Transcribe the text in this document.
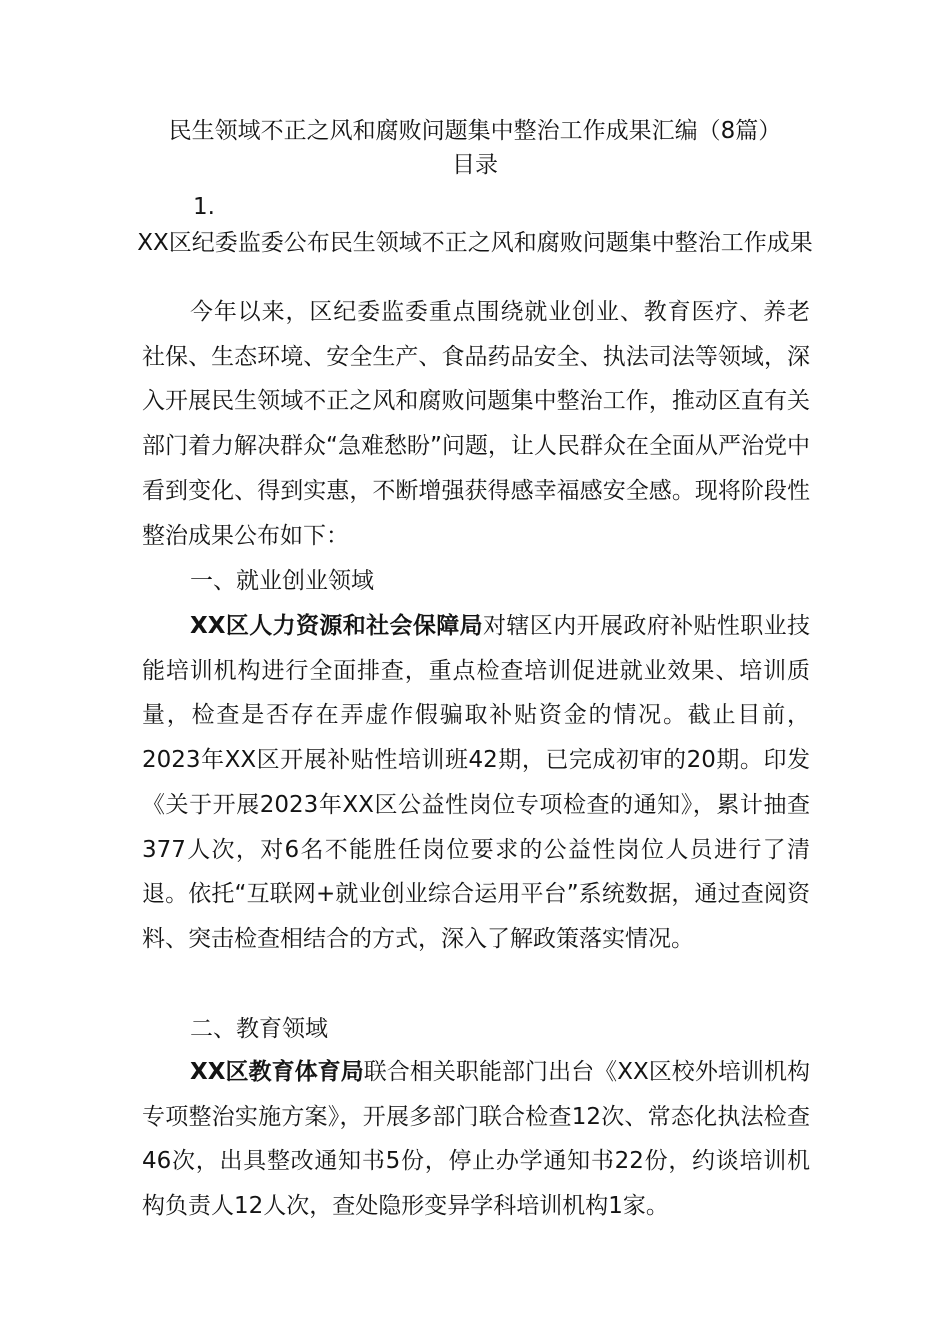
民生领域不正之风和腐败问题集中整治工作成果汇编（8篇）

目录

1.

XX区纪委监委公布民生领域不正之风和腐败问题集中整治工作成果

今年以来，区纪委监委重点围绕就业创业、教育医疗、养老社保、生态环境、安全生产、食品药品安全、执法司法等领域，深入开展民生领域不正之风和腐败问题集中整治工作，推动区直有关部门着力解决群众“急难愁盼”问题，让人民群众在全面从严治党中看到变化、得到实惠，不断增强获得感幸福感安全感。现将阶段性整治成果公布如下：

一、就业创业领域

XX区人力资源和社会保障局对辖区内开展政府补贴性职业技能培训机构进行全面排查，重点检查培训促进就业效果、培训质量，检查是否存在弄虚作假骗取补贴资金的情况。截止目前，2023年XX区开展补贴性培训班42期，已完成初审的20期。印发《关于开展2023年XX区公益性岗位专项检查的通知》，累计抽查377人次，对6名不能胜任岗位要求的公益性岗位人员进行了清退。依托“互联网+就业创业综合运用平台”系统数据，通过查阅资料、突击检查相结合的方式，深入了解政策落实情况。

二、教育领域

XX区教育体育局联合相关职能部门出台《XX区校外培训机构专项整治实施方案》，开展多部门联合检查12次、常态化执法检查46次，出具整改通知书5份，停止办学通知书22份，约谈培训机构负责人12人次，查处隐形变异学科培训机构1家。
